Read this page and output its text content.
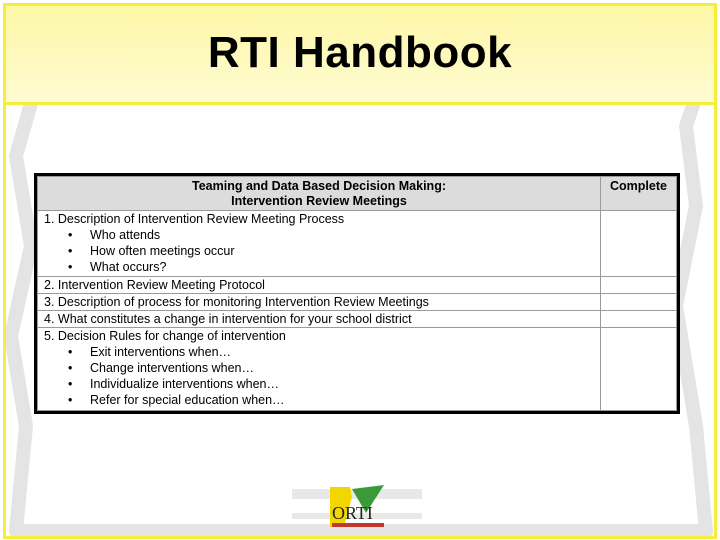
RTI Handbook
Teaming and Data Based Decision Making:
Intervention Review Meetings	Complete
1. Description of Intervention Review Meeting Process
• Who attends
• How often meetings occur
• What occurs?	

2. Intervention Review Meeting Protocol	
3. Description of process for monitoring Intervention Review Meetings	
4. What constitutes a change in intervention for your school district	
5. Decision Rules for change of intervention
• Exit interventions when…
• Change interventions when…
• Individualize interventions when…
• Refer for special education when…	

ORTI
